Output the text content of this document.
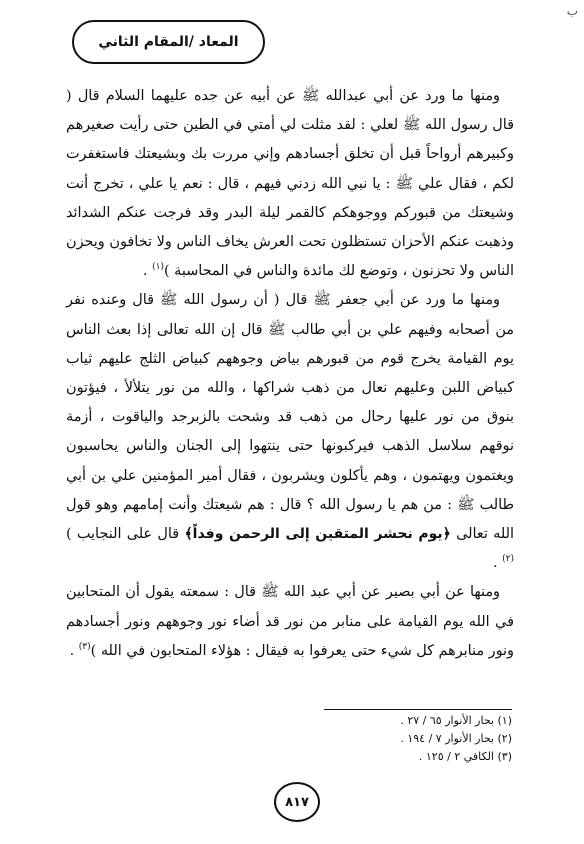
ب
المعاد /المقام الثاني

ومنها ما ورد عن أبي عبدالله ﷺ عن أبيه عن جده عليهما السلام قال ( قال رسول الله ﷺ لعلي : لقد مثلت لي أمتي في الطين حتى رأيت صغيرهم وكبيرهم أرواحاً قبل أن تخلق أجسادهم وإني مررت بك وبشيعتك فاستغفرت لكم ، فقال علي ﷺ : يا نبي الله زدني فيهم ، قال : نعم يا علي ، تخرج أنت وشيعتك من قبوركم ووجوهكم كالقمر ليلة البدر وقد فرجت عنكم الشدائد وذهبت عنكم الأحزان تستظلون تحت العرش يخاف الناس ولا تخافون ويحزن الناس ولا تحزنون ، وتوضع لك مائدة والناس في المحاسبة )$^{(١)}$ .

ومنها ما ورد عن أبي جعفر ﷺ قال ( أن رسول الله ﷺ قال وعنده نفر من أصحابه وفيهم علي بن أبي طالب ﷺ قال إن الله تعالى إذا بعث الناس يوم القيامة يخرج قوم من قبورهم بياض وجوههم كبياض الثلج عليهم ثياب كبياض اللبن وعليهم نعال من ذهب شراكها ، والله من نور يتلألأ ، فيؤتون بنوق من نور عليها رحال من ذهب قد وشحت بالزبرجد والياقوت ، أزمة نوقهم سلاسل الذهب فيركبونها حتى ينتهوا إلى الجنان والناس يحاسبون ويغتمون ويهتمون ، وهم يأكلون ويشربون ، فقال أمير المؤمنين علي بن أبي طالب ﷺ : من هم يا رسول الله ؟ قال : هم شيعتك وأنت إمامهم وهو قول الله تعالى ﴿يوم نحشر المتقين إلى الرحمن وفداً﴾ قال على النجايب )$^{(٢)}$ .

ومنها عن أبي بصير عن أبي عبد الله ﷺ قال : سمعته يقول أن المتحابين في الله يوم القيامة على منابر من نور قد أضاء نور وجوههم ونور أجسادهم ونور منابرهم كل شيء حتى يعرفوا به فيقال : هؤلاء المتحابون في الله )$^{(٣)}$ .

(١) بحار الأنوار ٦٥ / ٢٧ .
(٢) بحار الأنوار ٧ / ١٩٤ .
(٣) الكافي ٢ / ١٢٥ .
٨١٧
